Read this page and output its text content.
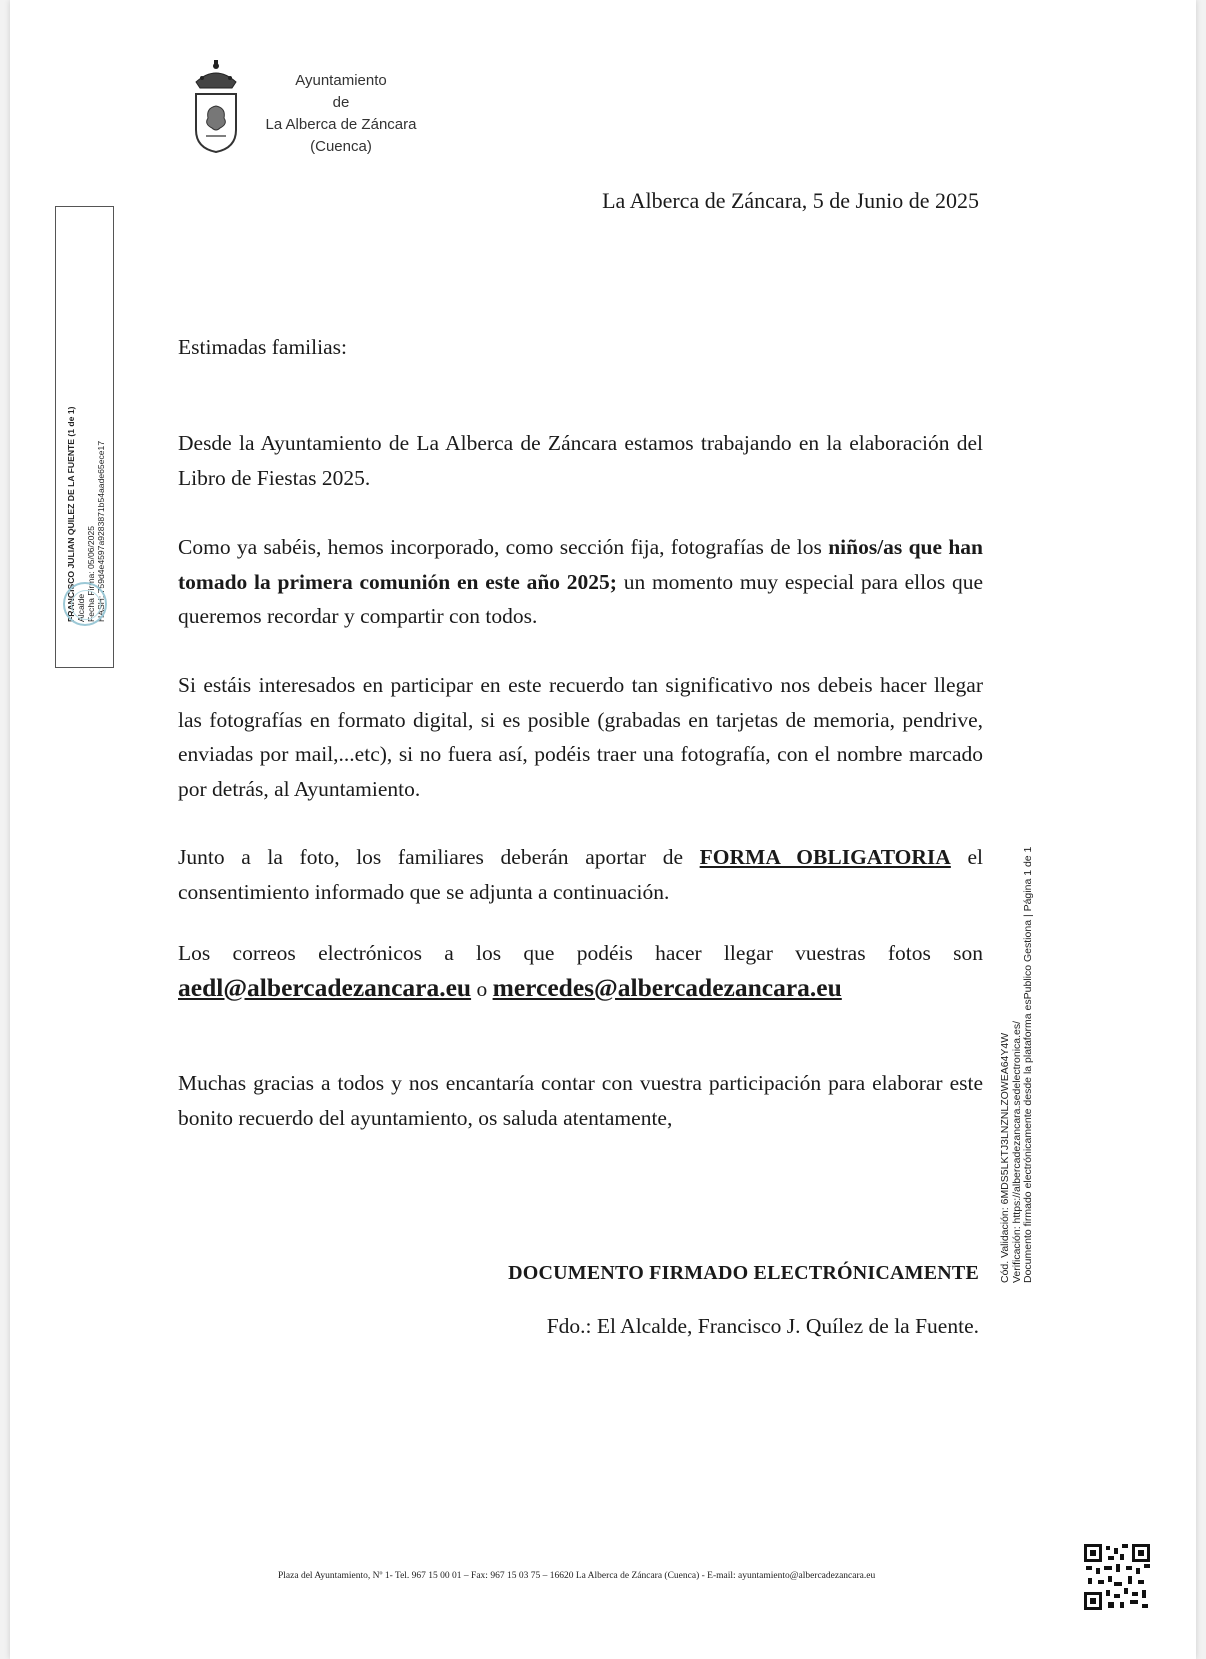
Ayuntamiento
de
La Alberca de Záncara
(Cuenca)
La Alberca de Záncara, 5 de Junio de 2025

Estimadas familias:

Desde la Ayuntamiento de La Alberca de Záncara estamos trabajando en la elaboración del Libro de Fiestas 2025.

Como ya sabéis, hemos incorporado, como sección fija, fotografías de los niños/as que han tomado la primera comunión en este año 2025; un momento muy especial para ellos que queremos recordar y compartir con todos.

Si estáis interesados en participar en este recuerdo tan significativo nos debeis hacer llegar las fotografías en formato digital, si es posible (grabadas en tarjetas de memoria, pendrive, enviadas por mail,...etc), si no fuera así, podéis traer una fotografía, con el nombre marcado por detrás, al Ayuntamiento.

Junto a la foto, los familiares deberán aportar de FORMA OBLIGATORIA el consentimiento informado que se adjunta a continuación.

Los correos electrónicos a los que podéis hacer llegar vuestras fotos son aedl@albercadezancara.eu o mercedes@albercadezancara.eu

Muchas gracias a todos y nos encantaría contar con vuestra participación para elaborar este bonito recuerdo del ayuntamiento, os saluda atentamente,

DOCUMENTO FIRMADO ELECTRÓNICAMENTE
Fdo.: El Alcalde, Francisco J. Quílez de la Fuente.
Plaza del Ayuntamiento, Nº 1- Tel. 967 15 00 01 – Fax: 967 15 03 75 – 16620 La Alberca de Záncara (Cuenca) - E-mail: ayuntamiento@albercadezancara.eu
FRANCISCO JULIAN QUILEZ DE LA FUENTE (1 de 1) Alcalde Fecha Firma: 05/06/2025 HASH: 759d4e4597a9283871b54aade65ece17
Cód. Validación: 6MDS5LKTJ3LNZNLZOWEA64Y4W Verificación: https://albercadezancara.sedelectronica.es/ Documento firmado electrónicamente desde la plataforma esPublico Gestiona | Página 1 de 1
